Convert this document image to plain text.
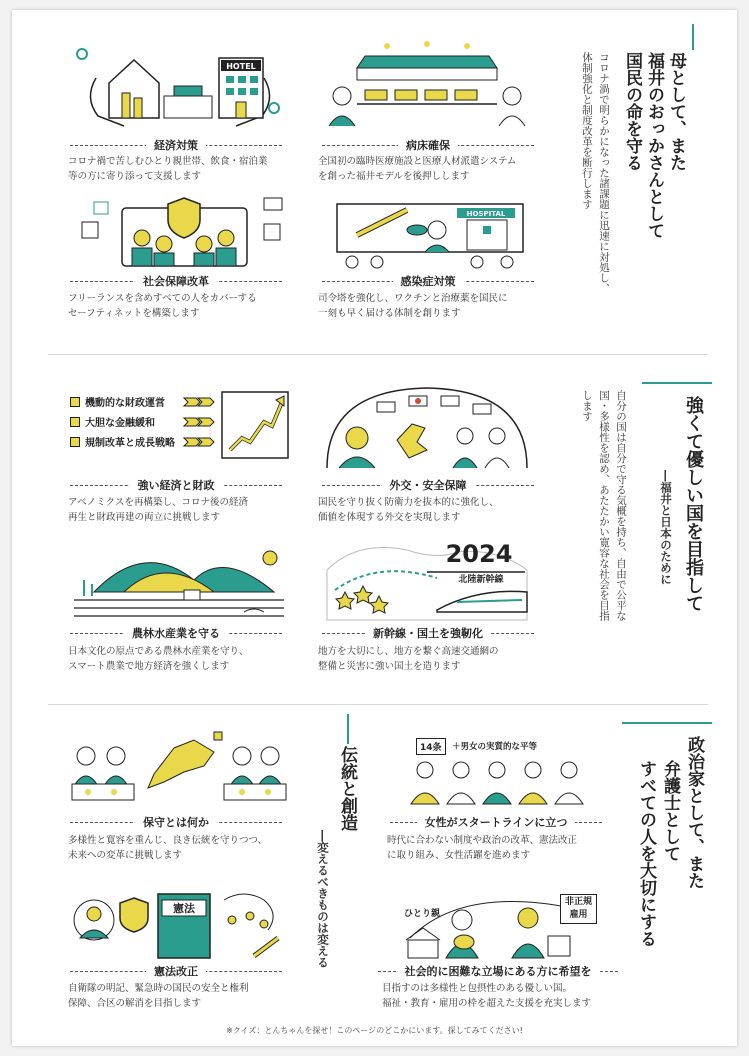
HOTEL
経済対策
コロナ禍で苦しむひとり親世帯、飲食・宿泊業
等の方に寄り添って支援します
病床確保
全国初の臨時医療施設と医療人材派遣システム
を創った福井モデルを後押しします
社会保障改革
フリーランスを含めすべての人をカバーする
セーフティネットを構築します
HOSPITAL
感染症対策
司令塔を強化し、ワクチンと治療薬を国民に
一刻も早く届ける体制を創ります
母として、また
福井のおっかさんとして
国民の命を守る
コロナ渦で明らかになった諸課題に迅速に対処し、
体制強化と制度改革を断行します
機動的な財政運営
大胆な金融緩和
規制改革と成長戦略
強い経済と財政
アベノミクスを再構築し、コロナ後の経済
再生と財政再建の両立に挑戦します
外交・安全保障
国民を守り抜く防衛力を抜本的に強化し、
価値を体現する外交を実現します
農林水産業を守る
日本文化の原点である農林水産業を守り、
スマート農業で地方経済を強くします
2024
北陸新幹線
新幹線・国土を強靭化
地方を大切にし、地方を繋ぐ高速交通網の
整備と災害に強い国土を造ります
強くて優しい国を目指して
―福井と日本のために
自分の国は自分で守る気概を持ち、自由で公平な
国・多様性を認め、あたたかい寛容な社会を目指
します
保守とは何か
多様性と寛容を重んじ、良き伝統を守りつつ、
未来への変革に挑戦します
14条	＋男女の実質的な平等
女性がスタートラインに立つ
時代に合わない制度や政治の改革、憲法改正
に取り組み、女性活躍を進めます
憲法
憲法改正
自衛隊の明記、緊急時の国民の安全と権利
保障、合区の解消を目指します
ひとり親
非正規
雇用
社会的に困難な立場にある方に希望を
目指すのは多様性と包摂性のある優しい国。
福祉・教育・雇用の枠を超えた支援を充実します
伝統と創造
―変えるべきものは変える
政治家として、また
弁護士として
すべての人を大切にする
※クイズ：とんちゃんを探せ！このページのどこかにいます。探してみてください!
